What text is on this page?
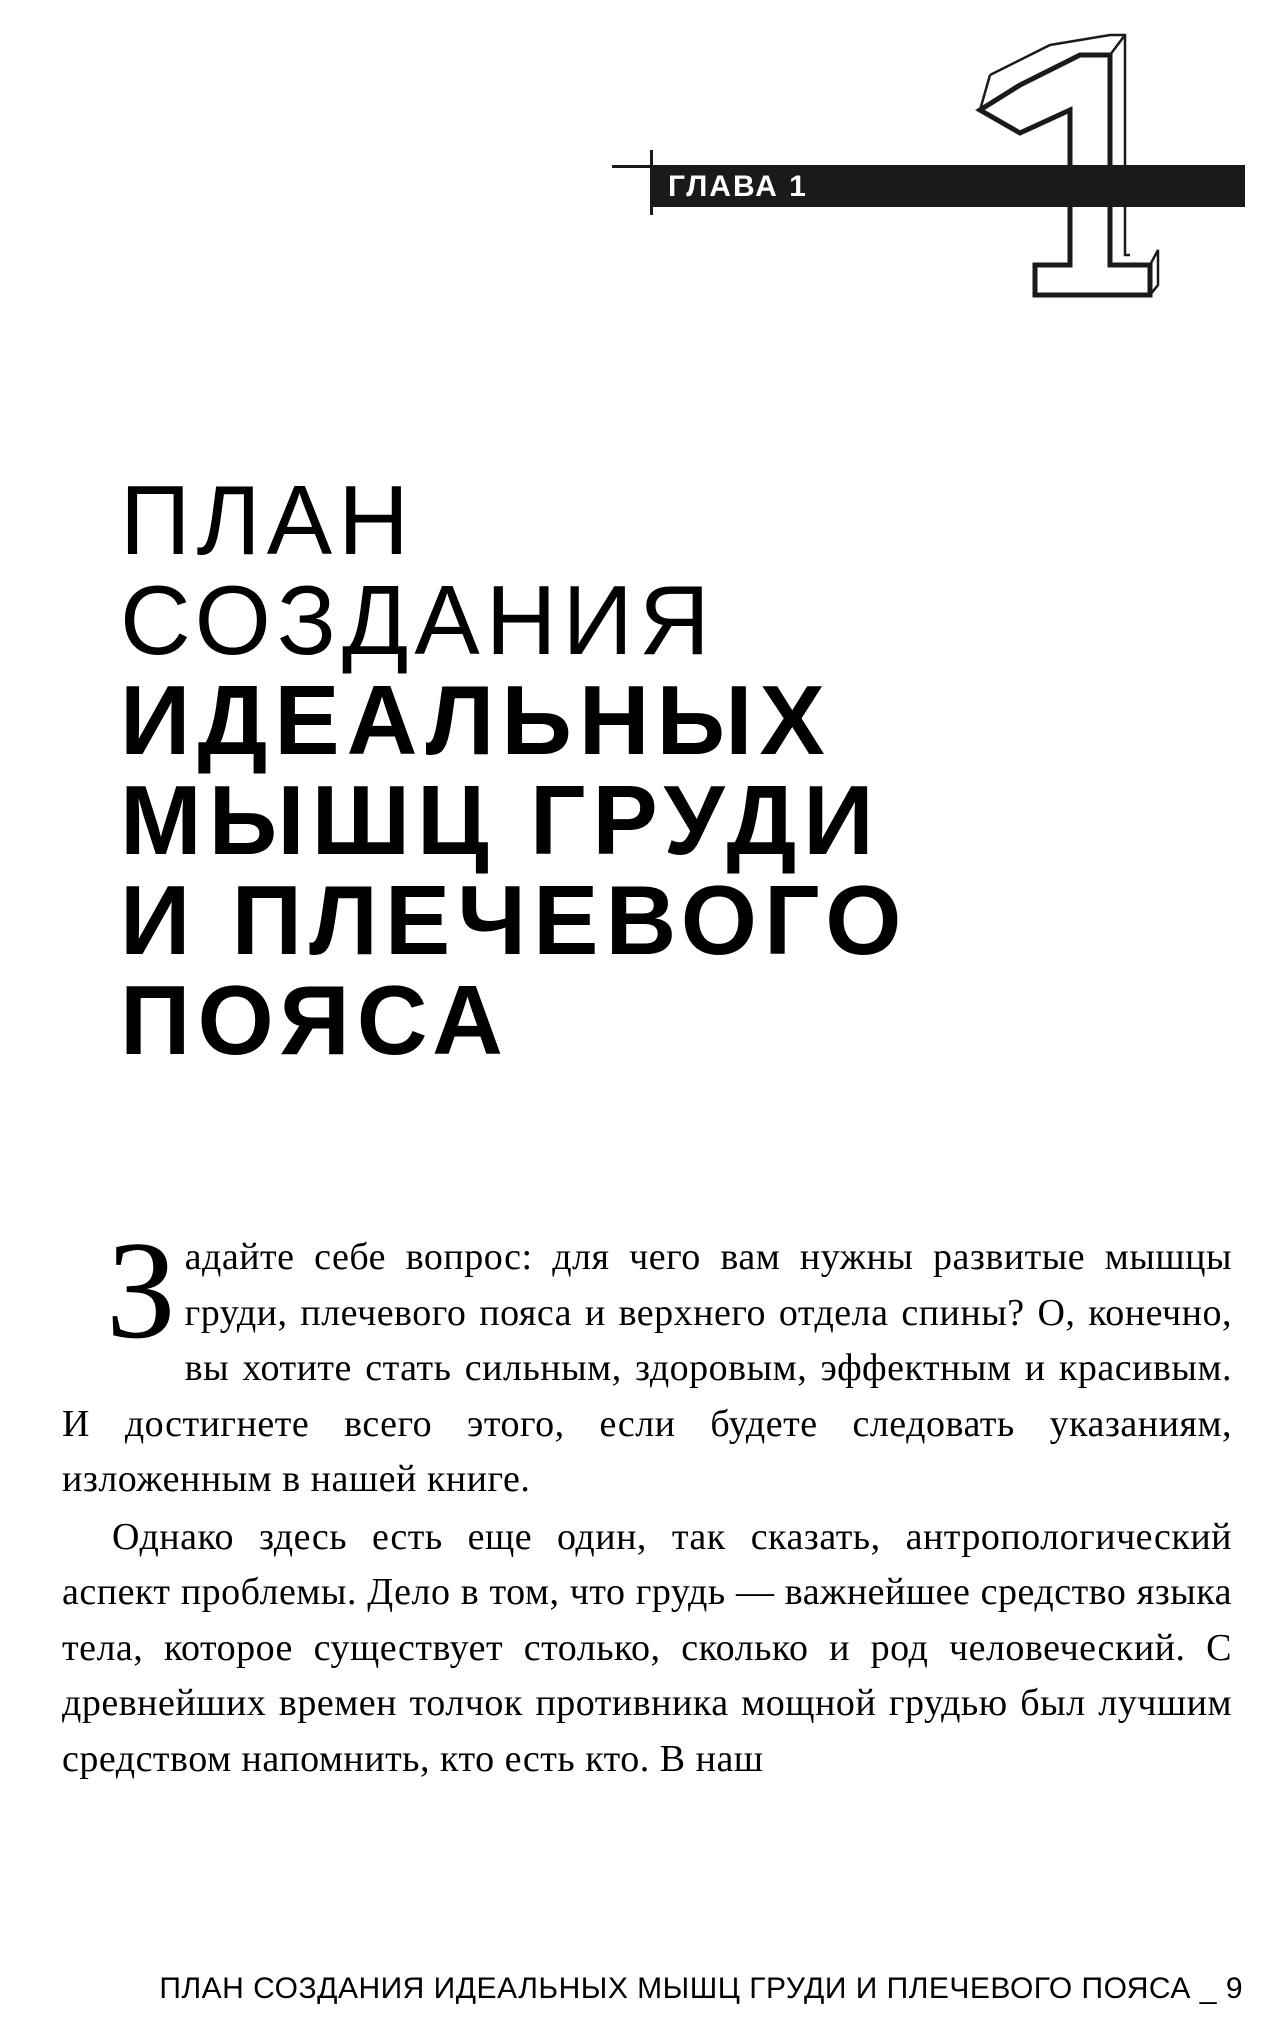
ГЛАВА 1
ПЛАН
СОЗДАНИЯ
ИДЕАЛЬНЫХ
МЫШЦ ГРУДИ
И ПЛЕЧЕВОГО
ПОЯСА

Задайте себе вопрос: для чего вам нужны развитые мышцы груди, плечевого пояса и верхнего отдела спины? О, конечно, вы хотите стать сильным, здоровым, эффектным и красивым. И достигнете всего этого, если будете следовать указаниям, изложенным в нашей книге.

Однако здесь есть еще один, так сказать, антропологический аспект проблемы. Дело в том, что грудь — важнейшее средство языка тела, которое существует столько, сколько и род человеческий. С древнейших времен толчок противника мощной грудью был лучшим средством напомнить, кто есть кто. В наш

ПЛАН СОЗДАНИЯ ИДЕАЛЬНЫХ МЫШЦ ГРУДИ И ПЛЕЧЕВОГО ПОЯСА _ 9
